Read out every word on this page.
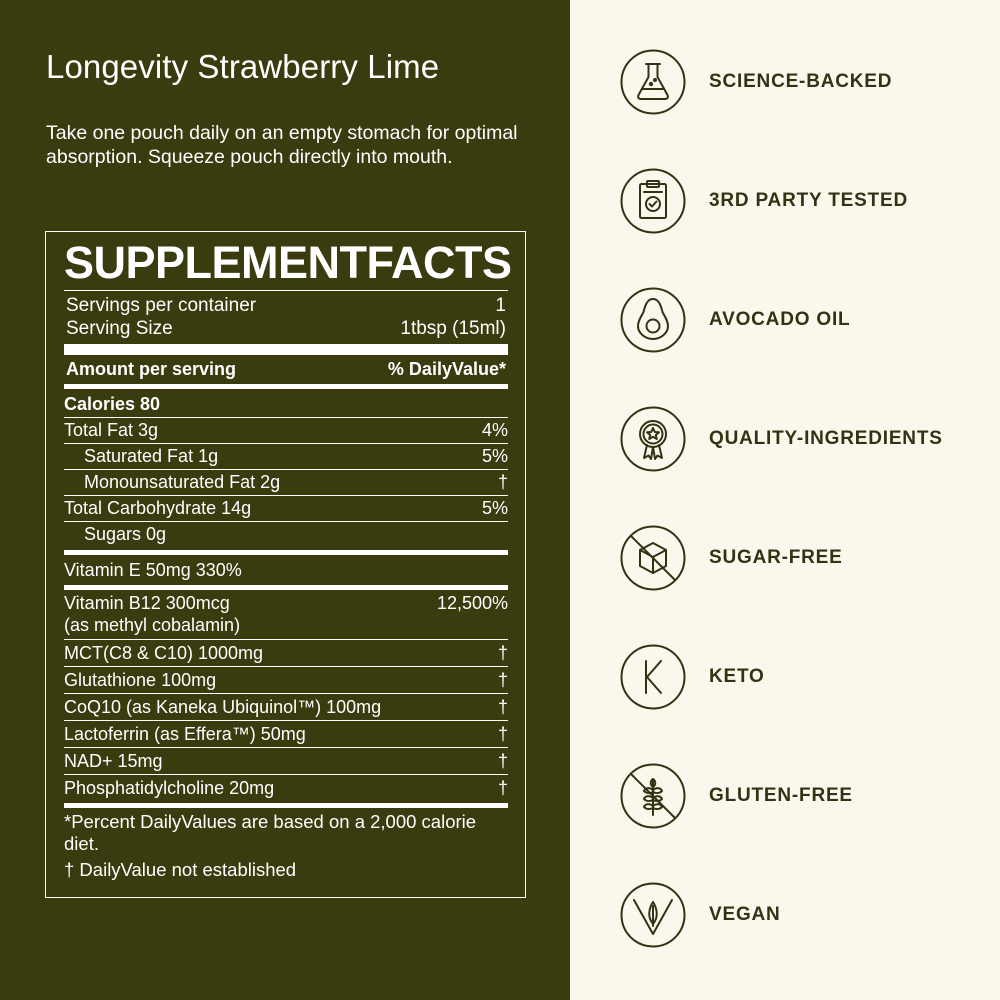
Longevity Strawberry Lime

Take one pouch daily on an empty stomach for optimal absorption. Squeeze pouch directly into mouth.

SUPPLEMENTFACTS
Servings per container	1
Serving Size	1tbsp (15ml)
Amount per serving	% DailyValue*
Calories 80
Total Fat 3g	4%
Saturated Fat 1g	5%
Monounsaturated Fat 2g	†
Total Carbohydrate 14g	5%
Sugars 0g
Vitamin E 50mg 330%
Vitamin B12 300mcg
(as methyl cobalamin)
12,500%
MCT(C8 & C10) 1000mg	†
Glutathione 100mg	†
CoQ10 (as Kaneka Ubiquinol™) 100mg	†
Lactoferrin (as Effera™) 50mg	†
NAD+ 15mg	†
Phosphatidylcholine 20mg	†
*Percent DailyValues are based on a 2,000 calorie diet.
† DailyValue not established
SCIENCE-BACKED
3RD PARTY TESTED
AVOCADO OIL
QUALITY-INGREDIENTS
SUGAR-FREE
KETO
GLUTEN-FREE
VEGAN
